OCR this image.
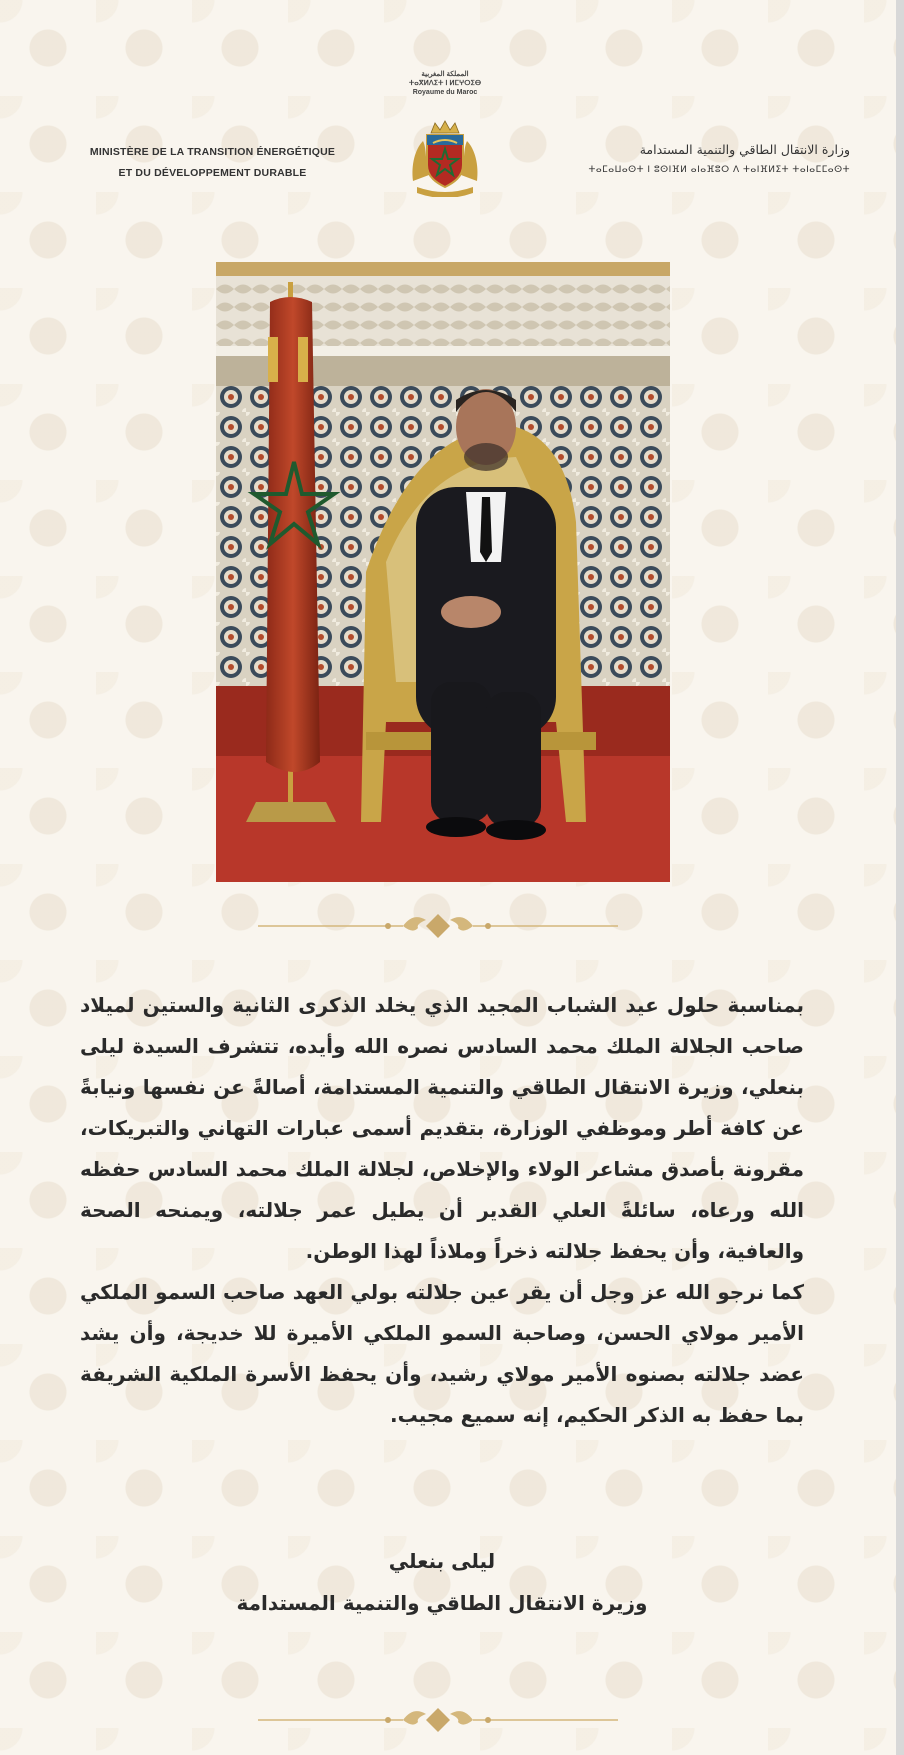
MINISTÈRE DE LA TRANSITION ÉNERGÉTIQUE
ET DU DÉVELOPPEMENT DURABLE
المملكة المغربية
ⵜⴰⴳⵍⴷⵉⵜ ⵏ ⵍⵎⵖⵔⵉⴱ
Royaume du Maroc
وزارة الانتقال الطاقي والتنمية المستدامة
ⵜⴰⵎⴰⵡⴰⵙⵜ ⵏ ⵓⵙⵏⴼⵍ ⴰⵏⴰⴼⵓⵔ ⴷ ⵜⴰⵏⴼⵍⵉⵜ ⵜⴰⵏⴰⵎⵎⴰⵙⵜ

بمناسبة حلول عيد الشباب المجيد الذي يخلد الذكرى الثانية والستين لميلاد صاحب الجلالة الملك محمد السادس نصره الله وأيده، تتشرف السيدة ليلى بنعلي، وزيرة الانتقال الطاقي والتنمية المستدامة، أصالةً عن نفسها ونيابةً عن كافة أطر وموظفي الوزارة، بتقديم أسمى عبارات التهاني والتبريكات، مقرونة بأصدق مشاعر الولاء والإخلاص، لجلالة الملك محمد السادس حفظه الله ورعاه، سائلةً العلي القدير أن يطيل عمر جلالته، ويمنحه الصحة والعافية، وأن يحفظ جلالته ذخراً وملاذاً لهذا الوطن.

كما نرجو الله عز وجل أن يقر عين جلالته بولي العهد صاحب السمو الملكي الأمير مولاي الحسن، وصاحبة السمو الملكي الأميرة للا خديجة، وأن يشد عضد جلالته بصنوه الأمير مولاي رشيد، وأن يحفظ الأسرة الملكية الشريفة بما حفظ به الذكر الحكيم، إنه سميع مجيب.

ليلى بنعلي
وزيرة الانتقال الطاقي والتنمية المستدامة
